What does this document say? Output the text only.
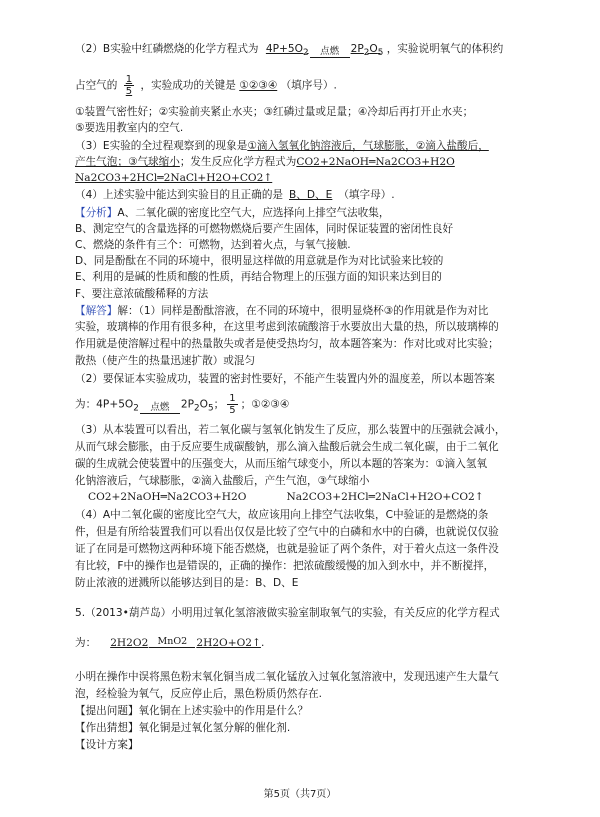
（2）B实验中红磷燃烧的化学方程式为 $4P+5O_2$ 点燃 $2P_2O_5$ ，实验说明氧气的体积约
占空气的 $\frac{1}{5}$ ，实验成功的关键是 ①②③④ （填序号）.
①装置气密性好；②实验前夹紧止水夹；③红磷过量或足量；④冷却后再打开止水夹；
⑤要选用教室内的空气.
（3）E实验的全过程观察到的现象是①滴入氢氧化钠溶液后，气球膨胀，②滴入盐酸后，
产生气泡；③气球缩小；发生反应化学方程式为CO2+2NaOH═Na2CO3+H2O
Na2CO3+2HCl═2NaCl+H2O+CO2↑
（4）上述实验中能达到实验目的且正确的是 B、D、E （填字母）.
【分析】A、二氧化碳的密度比空气大，应选择向上排空气法收集，
B、测定空气的含量选择的可燃物燃烧后要产生固体，同时保证装置的密闭性良好
C、燃烧的条件有三个：可燃物，达到着火点，与氧气接触.
D、同是酚酞在不同的环境中，很明显这样做的用意就是作为对比试验来比较的
E、利用的是碱的性质和酸的性质，再结合物理上的压强方面的知识来达到目的
F、要注意浓硫酸稀释的方法
【解答】解：（1）同样是酚酞溶液，在不同的环境中，很明显烧杯③的作用就是作为对比
实验，玻璃棒的作用有很多种，在这里考虑到浓硫酸溶于水要放出大量的热，所以玻璃棒的
作用就是使溶解过程中的热量散失或者是使受热均匀，故本题答案为：作对比或对比实验；
散热（使产生的热量迅速扩散）或混匀
（2）要保证本实验成功，装置的密封性要好，不能产生装置内外的温度差，所以本题答案
为：$4P+5O_2$ 点燃 $2P_2O_5$； $\frac{1}{5}$ ；①②③④
（3）从本装置可以看出，若二氧化碳与氢氧化钠发生了反应，那么装置中的压强就会减小，
从而气球会膨胀，由于反应要生成碳酸钠，那么滴入盐酸后就会生成二氧化碳，由于二氧化
碳的生成就会使装置中的压强变大，从而压缩气球变小，所以本题的答案为：①滴入氢氧
化钠溶液后，气球膨胀，②滴入盐酸后，产生气泡，③气球缩小
CO2+2NaOH═Na2CO3+H2O	Na2CO3+2HCl═2NaCl+H2O+CO2↑
（4）A中二氧化碳的密度比空气大，故应该用向上排空气法收集，C中验证的是燃烧的条
件，但是有所给装置我们可以看出仅仅是比较了空气中的白磷和水中的白磷，也就说仅仅验
证了在同是可燃物这两种环境下能否燃烧，也就是验证了两个条件，对于着火点这一条件没
有比较，F中的操作也是错误的，正确的操作：把浓硫酸缓慢的加入到水中，并不断搅拌，
防止浓液的迸溅所以能够达到目的是：B、D、E
5.（2013•葫芦岛）小明用过氧化氢溶液做实验室制取氧气的实验，有关反应的化学方程式
为： 2H2O2 MnO2 2H2O+O2↑.
小明在操作中误将黑色粉末氧化铜当成二氧化锰放入过氧化氢溶液中，发现迅速产生大量气
泡，经检验为氧气，反应停止后，黑色粉质仍然存在.
【提出问题】氧化铜在上述实验中的作用是什么？
【作出猜想】氧化铜是过氧化氢分解的催化剂.
【设计方案】
第5页（共7页）
